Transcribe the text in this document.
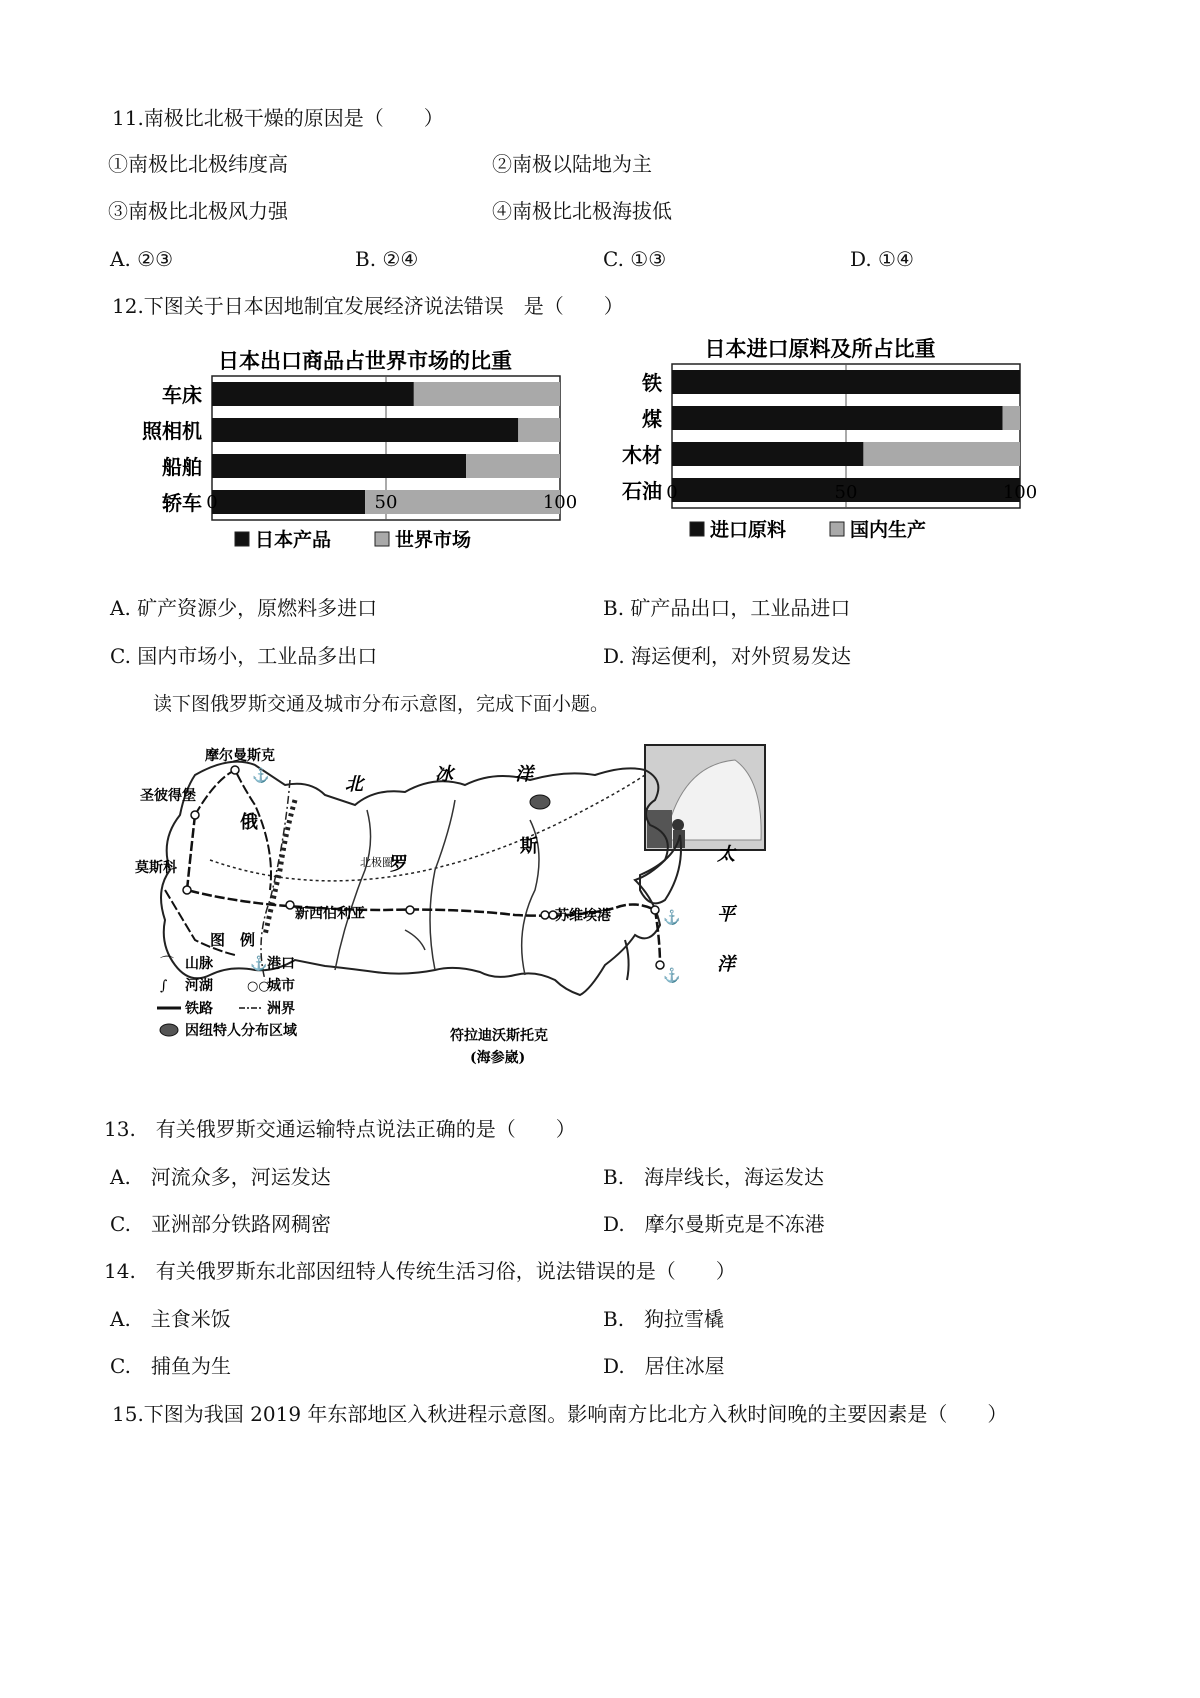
11.南极比北极干燥的原因是（　　）
①南极比北极纬度高	②南极以陆地为主
③南极比北极风力强	④南极比北极海拔低
A. ②③	B. ②④	C. ①③	D. ①④
12.下图关于日本因地制宜发展经济说法错误　是（　　）
日本出口商品占世界市场的比重
车床
照相机
船舶
轿车 0	50	100
日本产品	世界市场
日本进口原料及所占比重
铁
煤
木材
石油 0	50	100
进口原料	国内生产
A. 矿产资源少，原燃料多进口	B. 矿产品出口，工业品进口
C. 国内市场小，工业品多出口	D. 海运便利，对外贸易发达
读下图俄罗斯交通及城市分布示意图，完成下面小题。
⚓
⚓
⚓
北	冰	洋
太
平
洋
俄
罗
斯
北极圈
摩尔曼斯克
圣彼得堡
莫斯科
新西伯利亚	苏维埃港
符拉迪沃斯托克
(海参崴)
图　例
⌒ 山脉	⚓ 港口
∫ 河湖	○○
城市
铁路	洲界
因纽特人分布区域
13.　有关俄罗斯交通运输特点说法正确的是（　　）
A.　河流众多，河运发达	B.　海岸线长，海运发达
C.　亚洲部分铁路网稠密	D.　摩尔曼斯克是不冻港
14.　有关俄罗斯东北部因纽特人传统生活习俗，说法错误的是（　　）
A.　主食米饭	B.　狗拉雪橇
C.　捕鱼为生	D.　居住冰屋
15.下图为我国 2019 年东部地区入秋进程示意图。影响南方比北方入秋时间晚的主要因素是（　　）
